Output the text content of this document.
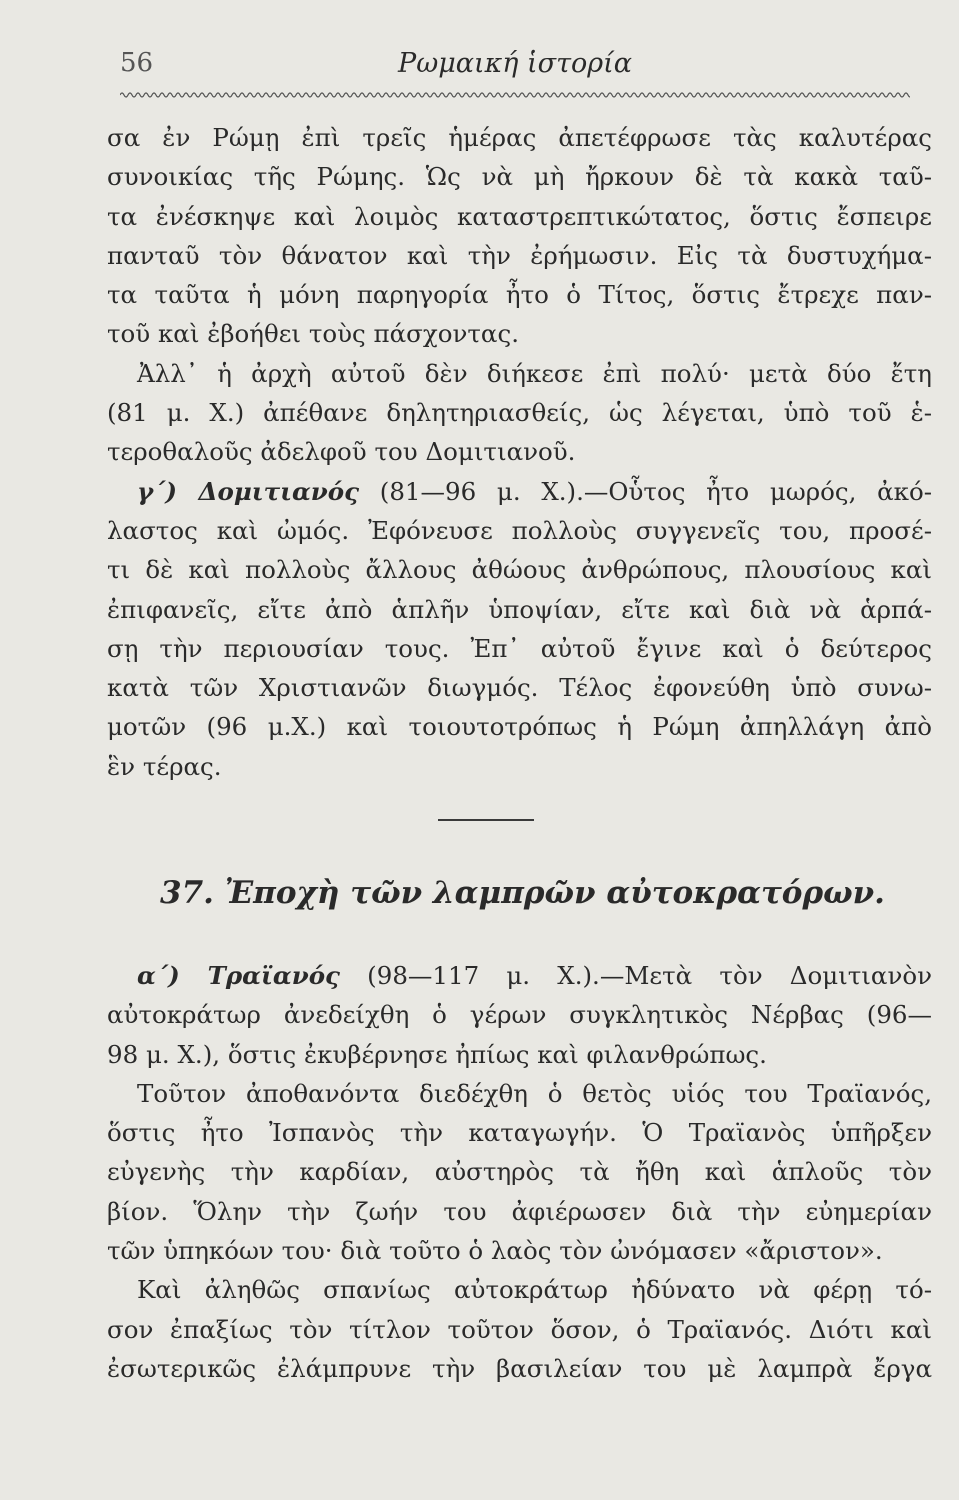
56	Ρωμαική ἱστορία
σα ἐν Ρώμῃ ἐπὶ τρεῖς ἡμέρας ἀπετέφρωσε τὰς καλυτέρας
συνοικίας τῆς Ρώμης. Ὡς νὰ μὴ ἤρκουν δὲ τὰ κακὰ ταῦ-
τα ἐνέσκηψε καὶ λοιμὸς καταστρεπτικώτατος, ὅστις ἔσπειρε
πανταῦ τὸν θάνατον καὶ τὴν ἐρήμωσιν. Εἰς τὰ δυστυχήμα-
τα ταῦτα ἡ μόνη παρηγορία ἦτο ὁ Τίτος, ὅστις ἔτρεχε παν-
τοῦ καὶ ἐβοήθει τοὺς πάσχοντας.
Ἀλλ᾽ ἡ ἀρχὴ αὐτοῦ δὲν διήκεσε ἐπὶ πολύ· μετὰ δύο ἔτη
(81 μ. Χ.) ἀπέθανε δηλητηριασθείς, ὡς λέγεται, ὑπὸ τοῦ ἑ-
τεροθαλοῦς ἀδελφοῦ του Δομιτιανοῦ.
γ΄) Δομιτιανός (81—96 μ. Χ.).—Οὗτος ἦτο μωρός, ἀκό-
λαστος καὶ ὠμός. Ἐφόνευσε πολλοὺς συγγενεῖς του, προσέ-
τι δὲ καὶ πολλοὺς ἄλλους ἀθώους ἀνθρώπους, πλουσίους καὶ
ἐπιφανεῖς, εἴτε ἀπὸ ἁπλῆν ὑποψίαν, εἴτε καὶ διὰ νὰ ἁρπά-
σῃ τὴν περιουσίαν τους. Ἐπ᾽ αὐτοῦ ἔγινε καὶ ὁ δεύτερος
κατὰ τῶν Χριστιανῶν διωγμός. Τέλος ἐφονεύθη ὑπὸ συνω-
μοτῶν (96 μ.Χ.) καὶ τοιουτοτρόπως ἡ Ρώμη ἀπηλλάγη ἀπὸ
ἓν τέρας.
37. Ἐποχὴ τῶν λαμπρῶν αὐτοκρατόρων.
α΄) Τραϊανός (98—117 μ. Χ.).—Μετὰ τὸν Δομιτιανὸν
αὐτοκράτωρ ἀνεδείχθη ὁ γέρων συγκλητικὸς Νέρβας (96—
98 μ. Χ.), ὅστις ἐκυβέρνησε ἠπίως καὶ φιλανθρώπως.
Τοῦτον ἀποθανόντα διεδέχθη ὁ θετὸς υἱός του Τραϊανός,
ὅστις ἦτο Ἰσπανὸς τὴν καταγωγήν. Ὁ Τραϊανὸς ὑπῆρξεν
εὐγενὴς τὴν καρδίαν, αὐστηρὸς τὰ ἤθη καὶ ἁπλοῦς τὸν
βίον. Ὅλην τὴν ζωήν του ἀφιέρωσεν διὰ τὴν εὐημερίαν
τῶν ὑπηκόων του· διὰ τοῦτο ὁ λαὸς τὸν ὠνόμασεν «ἄριστον».
Καὶ ἀληθῶς σπανίως αὐτοκράτωρ ἠδύνατο νὰ φέρῃ τό-
σον ἐπαξίως τὸν τίτλον τοῦτον ὅσον, ὁ Τραϊανός. Διότι καὶ
ἐσωτερικῶς ἐλάμπρυνε τὴν βασιλείαν του μὲ λαμπρὰ ἔργα
